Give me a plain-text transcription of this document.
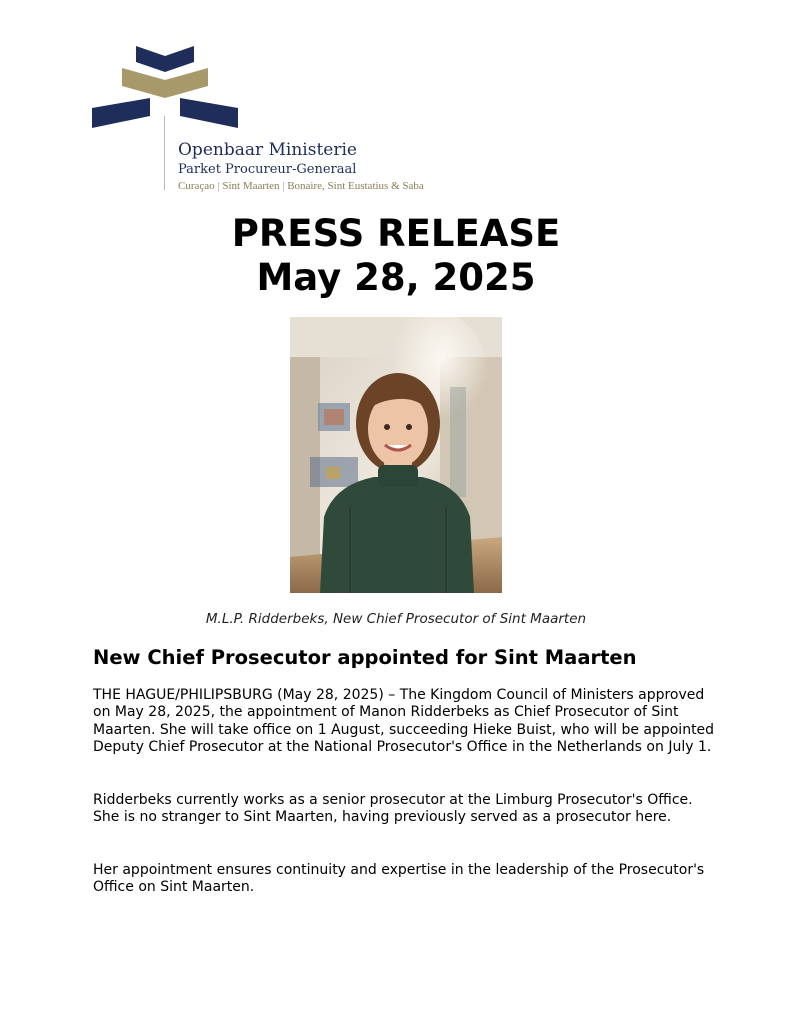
Openbaar Ministerie
Parket Procureur-Generaal
Curaçao | Sint Maarten | Bonaire, Sint Eustatius & Saba
PRESS RELEASE
May 28, 2025
M.L.P. Ridderbeks, New Chief Prosecutor of Sint Maarten
New Chief Prosecutor appointed for Sint Maarten

THE HAGUE/PHILIPSBURG (May 28, 2025) – The Kingdom Council of Ministers approved on May 28, 2025, the appointment of Manon Ridderbeks as Chief Prosecutor of Sint Maarten. She will take office on 1 August, succeeding Hieke Buist, who will be appointed Deputy Chief Prosecutor at the National Prosecutor's Office in the Netherlands on July 1.

Ridderbeks currently works as a senior prosecutor at the Limburg Prosecutor's Office. She is no stranger to Sint Maarten, having previously served as a prosecutor here.

Her appointment ensures continuity and expertise in the leadership of the Prosecutor's Office on Sint Maarten.
